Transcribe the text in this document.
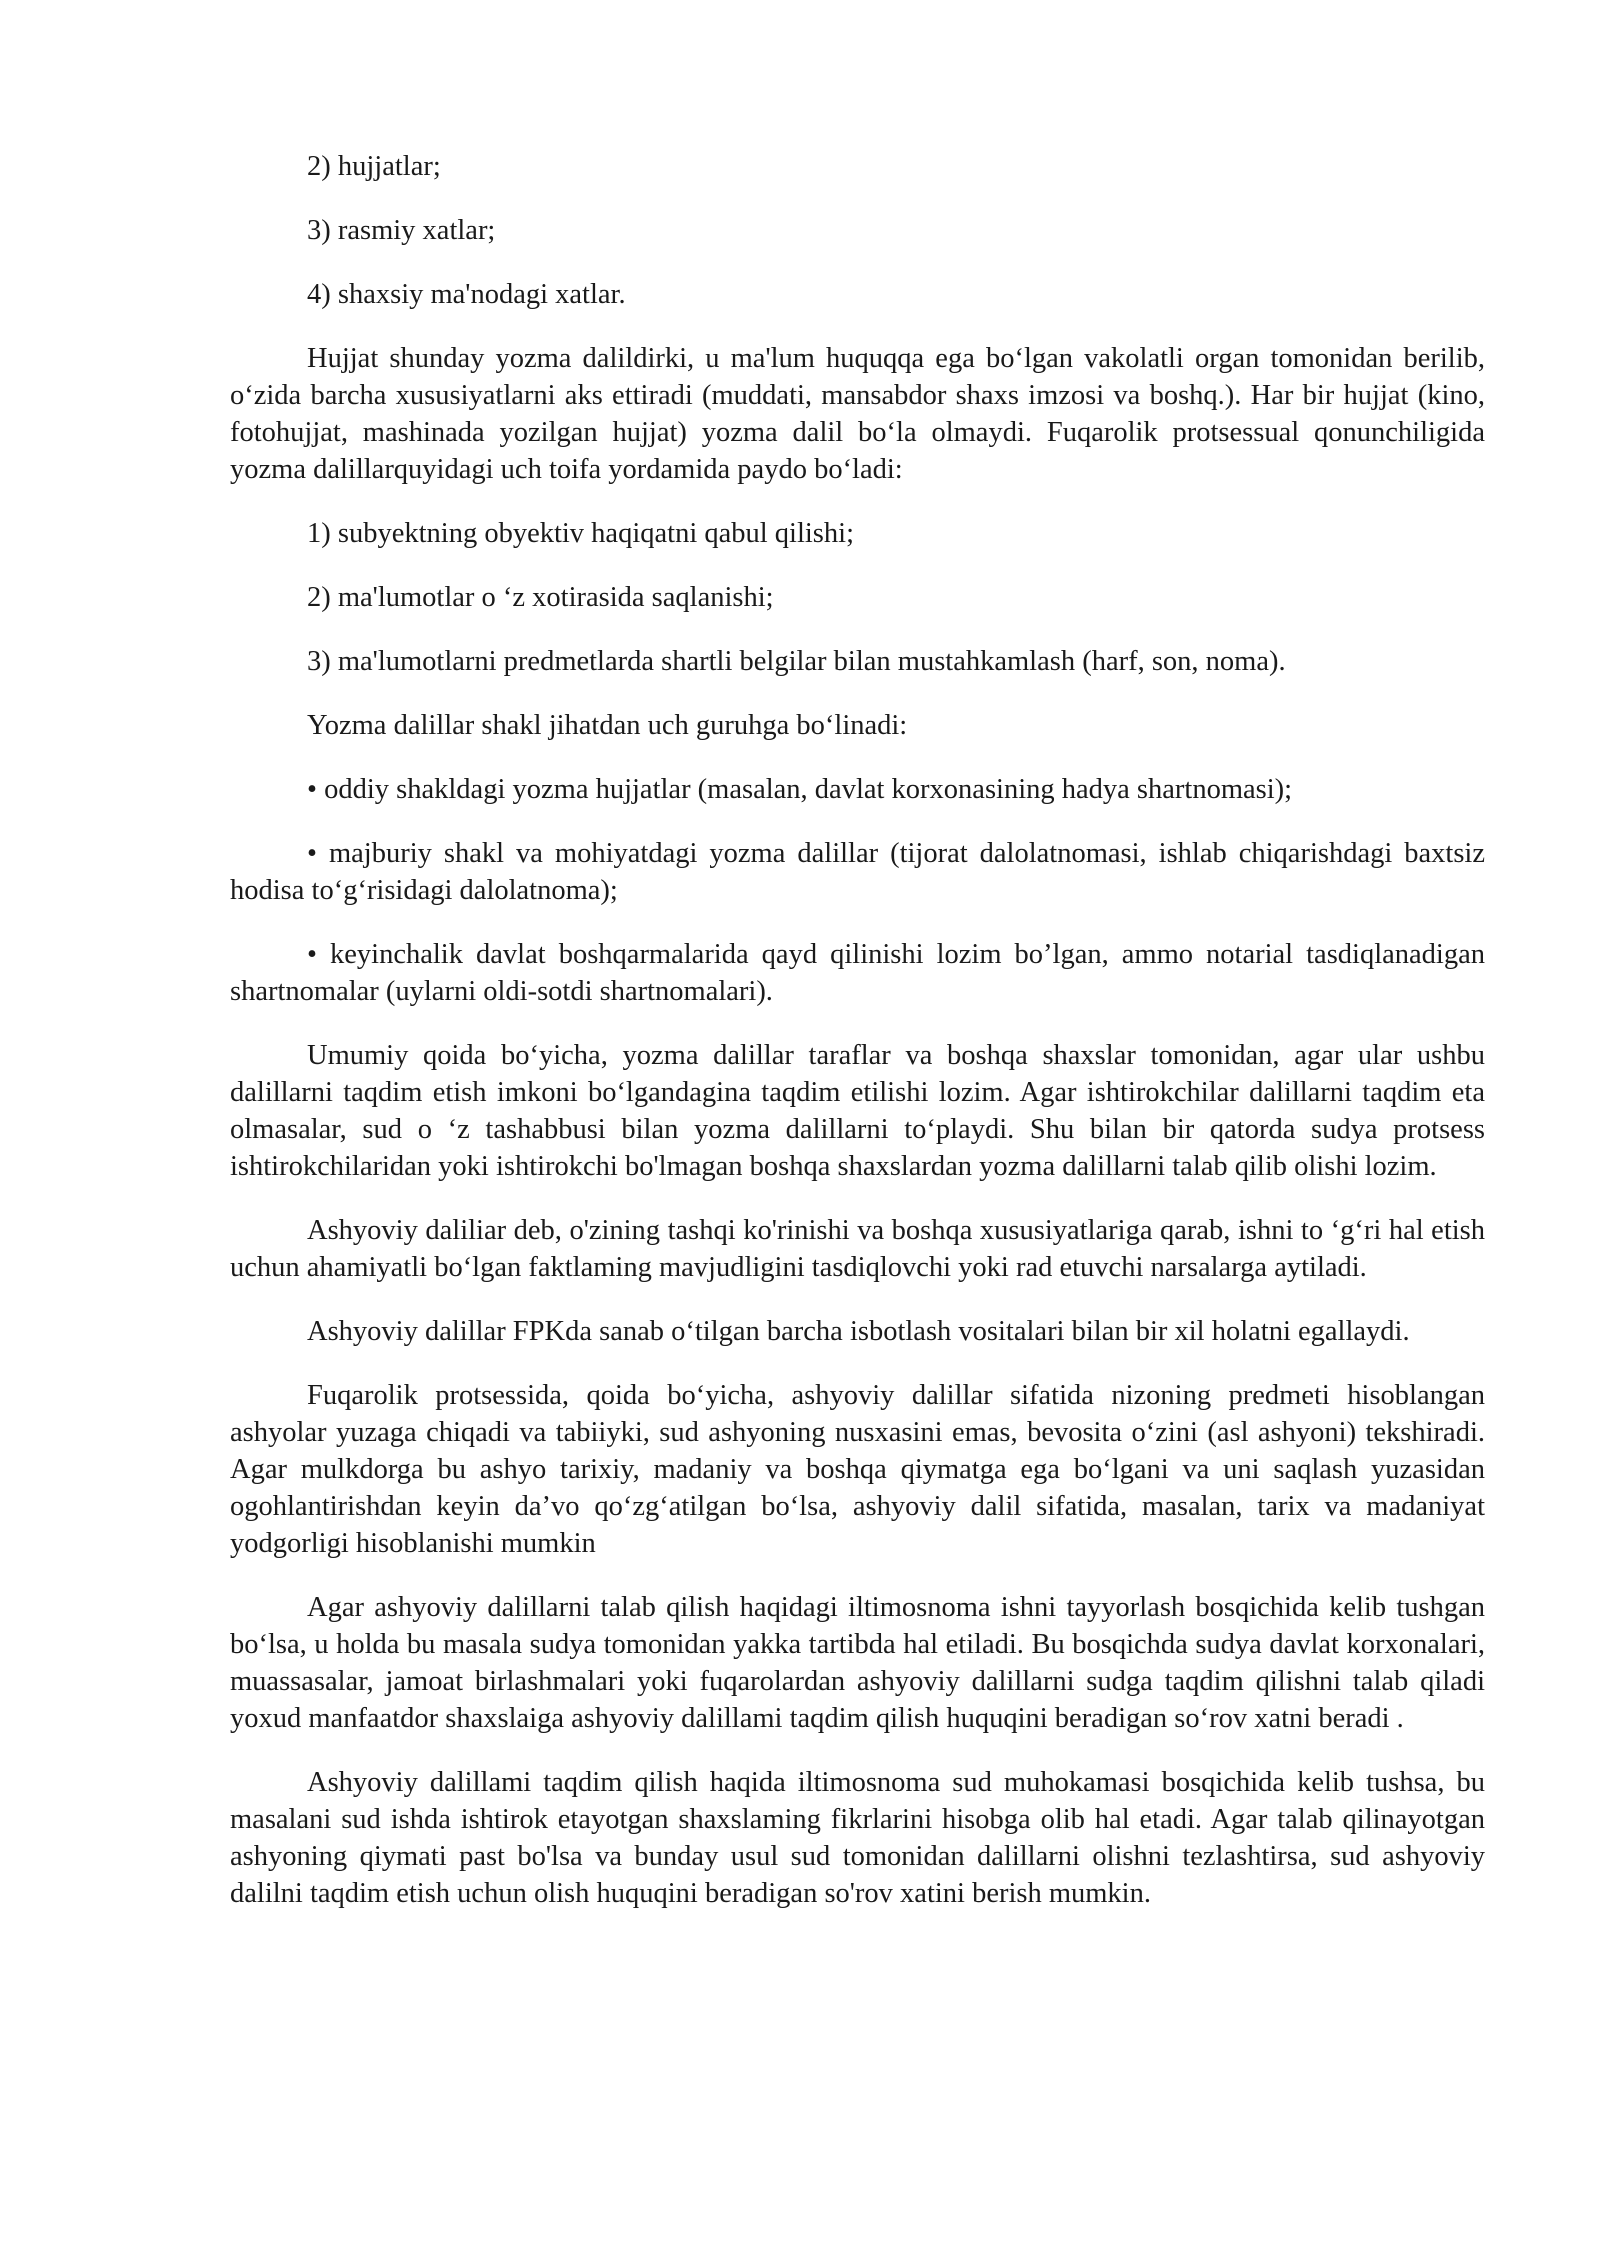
2) hujjatlar;

3) rasmiy xatlar;

4) shaxsiy ma'nodagi xatlar.

Hujjat shunday yozma dalildirki, u ma'lum huquqqa ega bo‘lgan vakolatli organ tomonidan berilib, o‘zida barcha xususiyatlarni aks ettiradi (muddati, mansabdor shaxs imzosi va boshq.). Har bir hujjat (kino, fotohujjat, mashinada yozilgan hujjat) yozma dalil bo‘la olmaydi. Fuqarolik protsessual qonunchiligida yozma dalillarquyidagi uch toifa yordamida paydo bo‘ladi:

1) subyektning obyektiv haqiqatni qabul qilishi;

2) ma'lumotlar o ‘z xotirasida saqlanishi;

3) ma'lumotlarni predmetlarda shartli belgilar bilan mustahkamlash (harf, son, noma).

Yozma dalillar shakl jihatdan uch guruhga bo‘linadi:

• oddiy shakldagi yozma hujjatlar (masalan, davlat korxonasining hadya shartnomasi);

• majburiy shakl va mohiyatdagi yozma dalillar (tijorat dalolatnomasi, ishlab chiqarishdagi baxtsiz hodisa to‘g‘risidagi dalolatnoma);

• keyinchalik davlat boshqarmalarida qayd qilinishi lozim bo’lgan, ammo notarial tasdiqlanadigan shartnomalar (uylarni oldi-sotdi shartnomalari).

Umumiy qoida bo‘yicha, yozma dalillar taraflar va boshqa shaxslar tomonidan, agar ular ushbu dalillarni taqdim etish imkoni bo‘lgandagina taqdim etilishi lozim. Agar ishtirokchilar dalillarni taqdim eta olmasalar, sud o ‘z tashabbusi bilan yozma dalillarni to‘playdi. Shu bilan bir qatorda sudya protsess ishtirokchilaridan yoki ishtirokchi bo'lmagan boshqa shaxslardan yozma dalillarni talab qilib olishi lozim.

Ashyoviy daliliar deb, o'zining tashqi ko'rinishi va boshqa xususiyatlariga qarab, ishni to ‘g‘ri hal etish uchun ahamiyatli bo‘lgan faktlaming mavjudligini tasdiqlovchi yoki rad etuvchi narsalarga aytiladi.

Ashyoviy dalillar FPKda sanab o‘tilgan barcha isbotlash vositalari bilan bir xil holatni egallaydi.

Fuqarolik protsessida, qoida bo‘yicha, ashyoviy dalillar sifatida nizoning predmeti hisoblangan ashyolar yuzaga chiqadi va tabiiyki, sud ashyoning nusxasini emas, bevosita o‘zini (asl ashyoni) tekshiradi. Agar mulkdorga bu ashyo tarixiy, madaniy va boshqa qiymatga ega bo‘lgani va uni saqlash yuzasidan ogohlantirishdan keyin da’vo qo‘zg‘atilgan bo‘lsa, ashyoviy dalil sifatida, masalan, tarix va madaniyat yodgorligi hisoblanishi mumkin

Agar ashyoviy dalillarni talab qilish haqidagi iltimosnoma ishni tayyorlash bosqichida kelib tushgan bo‘lsa, u holda bu masala sudya tomonidan yakka tartibda hal etiladi. Bu bosqichda sudya davlat korxonalari, muassasalar, jamoat birlashmalari yoki fuqarolardan ashyoviy dalillarni sudga taqdim qilishni talab qiladi yoxud manfaatdor shaxslaiga ashyoviy dalillami taqdim qilish huquqini beradigan so‘rov xatni beradi .

Ashyoviy dalillami taqdim qilish haqida iltimosnoma sud muhokamasi bosqichida kelib tushsa, bu masalani sud ishda ishtirok etayotgan shaxslaming fikrlarini hisobga olib hal etadi. Agar talab qilinayotgan ashyoning qiymati past bo'lsa va bunday usul sud tomonidan dalillarni olishni tezlashtirsa, sud ashyoviy dalilni taqdim etish uchun olish huquqini beradigan so'rov xatini berish mumkin.
